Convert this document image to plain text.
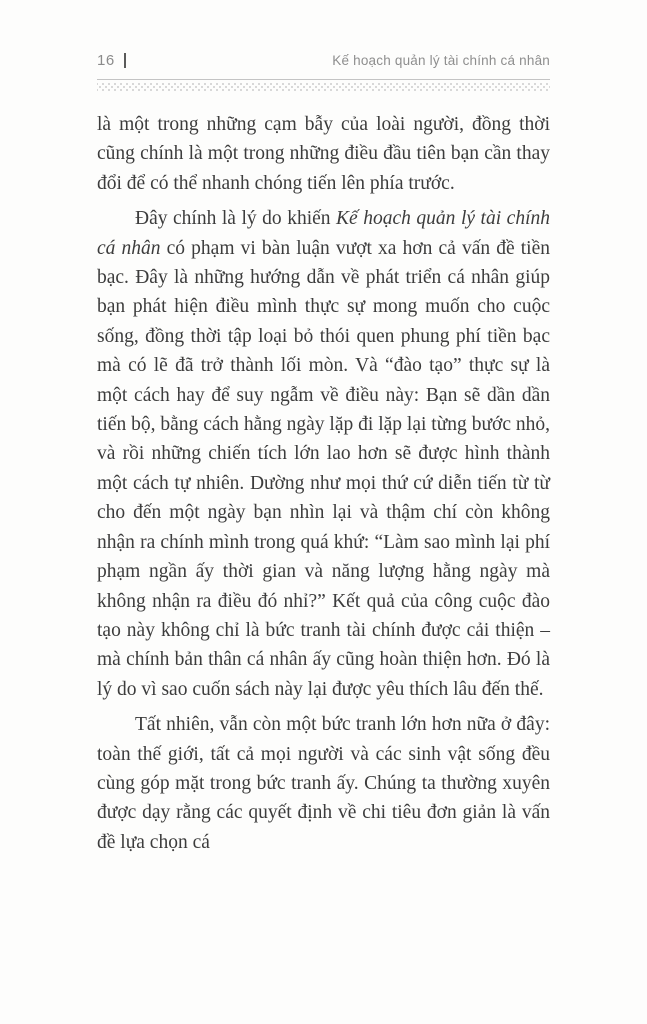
16	Kế hoạch quản lý tài chính cá nhân

là một trong những cạm bẫy của loài người, đồng thời cũng chính là một trong những điều đầu tiên bạn cần thay đổi để có thể nhanh chóng tiến lên phía trước.

Đây chính là lý do khiến Kế hoạch quản lý tài chính cá nhân có phạm vi bàn luận vượt xa hơn cả vấn đề tiền bạc. Đây là những hướng dẫn về phát triển cá nhân giúp bạn phát hiện điều mình thực sự mong muốn cho cuộc sống, đồng thời tập loại bỏ thói quen phung phí tiền bạc mà có lẽ đã trở thành lối mòn. Và “đào tạo” thực sự là một cách hay để suy ngẫm về điều này: Bạn sẽ dần dần tiến bộ, bằng cách hằng ngày lặp đi lặp lại từng bước nhỏ, và rồi những chiến tích lớn lao hơn sẽ được hình thành một cách tự nhiên. Dường như mọi thứ cứ diễn tiến từ từ cho đến một ngày bạn nhìn lại và thậm chí còn không nhận ra chính mình trong quá khứ: “Làm sao mình lại phí phạm ngần ấy thời gian và năng lượng hằng ngày mà không nhận ra điều đó nhỉ?” Kết quả của công cuộc đào tạo này không chỉ là bức tranh tài chính được cải thiện – mà chính bản thân cá nhân ấy cũng hoàn thiện hơn. Đó là lý do vì sao cuốn sách này lại được yêu thích lâu đến thế.

Tất nhiên, vẫn còn một bức tranh lớn hơn nữa ở đây: toàn thế giới, tất cả mọi người và các sinh vật sống đều cùng góp mặt trong bức tranh ấy. Chúng ta thường xuyên được dạy rằng các quyết định về chi tiêu đơn giản là vấn đề lựa chọn cá
